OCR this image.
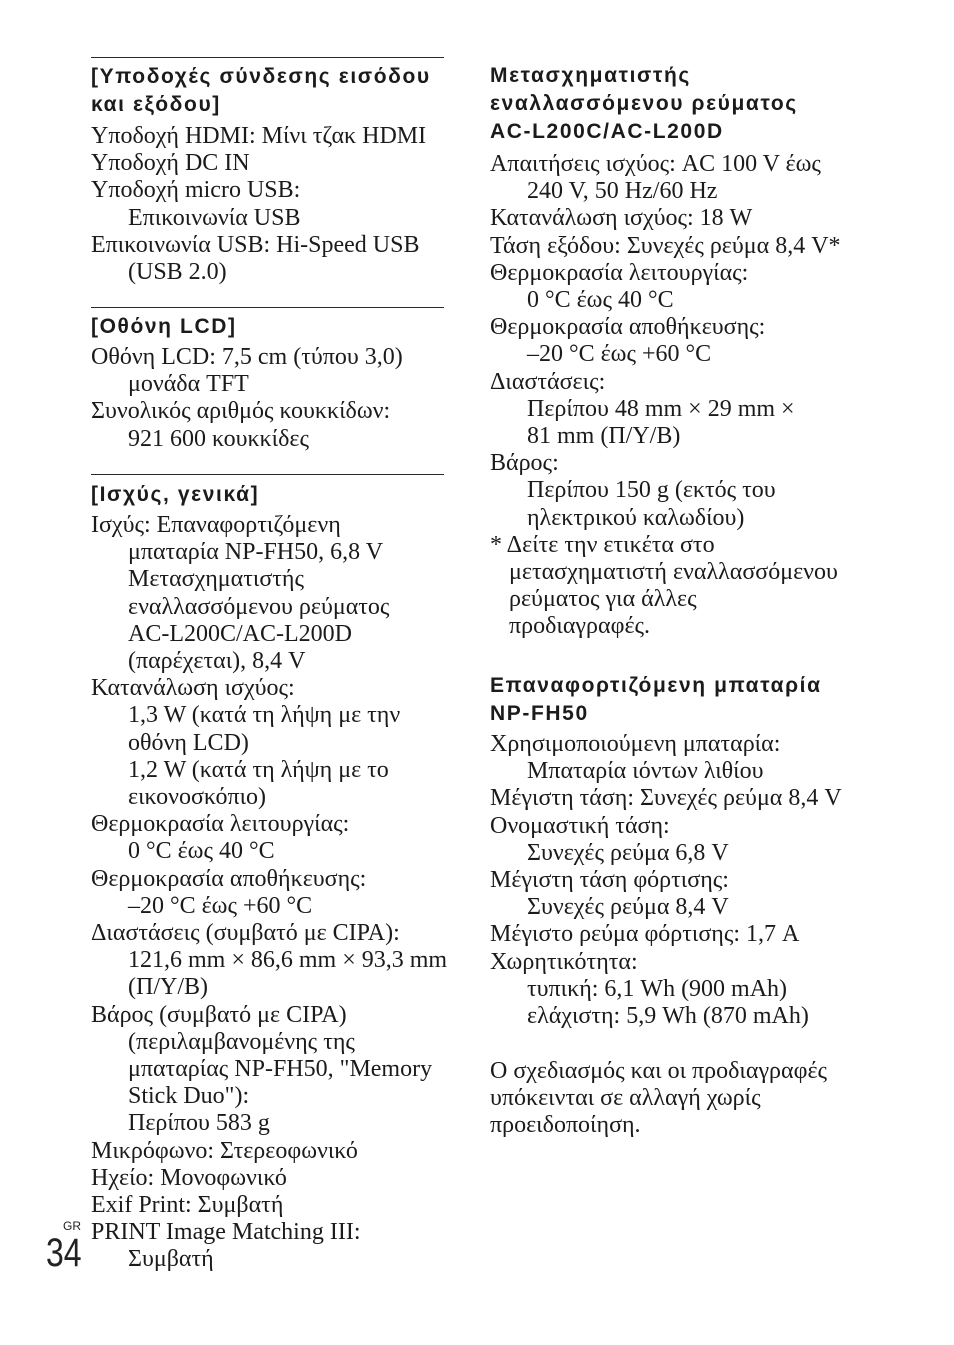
[Υποδοχές σύνδεσης εισόδου
και εξόδου]
Υποδοχή HDMI: Μίνι τζακ HDMI
Υποδοχή DC IN
Υποδοχή micro USB:
Επικοινωνία USB
Επικοινωνία USB: Hi-Speed USB
(USB 2.0)
[Οθόνη LCD]
Οθόνη LCD: 7,5 cm (τύπου 3,0)
μονάδα TFT
Συνολικός αριθμός κουκκίδων:
921 600 κουκκίδες
[Ισχύς, γενικά]
Ισχύς: Επαναφορτιζόμενη
μπαταρία NP-FH50, 6,8 V
Μετασχηματιστής
εναλλασσόμενου ρεύματος
AC-L200C/AC-L200D
(παρέχεται), 8,4 V
Κατανάλωση ισχύος:
1,3 W (κατά τη λήψη με την
οθόνη LCD)
1,2 W (κατά τη λήψη με το
εικονοσκόπιο)
Θερμοκρασία λειτουργίας:
0 °C έως 40 °C
Θερμοκρασία αποθήκευσης:
–20 °C έως +60 °C
Διαστάσεις (συμβατό με CIPA):
121,6 mm × 86,6 mm × 93,3 mm
(Π/Υ/Β)
Βάρος (συμβατό με CIPA)
(περιλαμβανομένης της
μπαταρίας NP-FH50, "Memory
Stick Duo"):
Περίπου 583 g
Μικρόφωνο: Στερεοφωνικό
Ηχείο: Μονοφωνικό
Exif Print: Συμβατή
PRINT Image Matching III:
Συμβατή
Μετασχηματιστής
εναλλασσόμενου ρεύματος
AC-L200C/AC-L200D
Απαιτήσεις ισχύος: AC 100 V έως
240 V, 50 Hz/60 Hz
Κατανάλωση ισχύος: 18 W
Τάση εξόδου: Συνεχές ρεύμα 8,4 V*
Θερμοκρασία λειτουργίας:
0 °C έως 40 °C
Θερμοκρασία αποθήκευσης:
–20 °C έως +60 °C
Διαστάσεις:
Περίπου 48 mm × 29 mm ×
81 mm (Π/Υ/Β)
Βάρος:
Περίπου 150 g (εκτός του
ηλεκτρικού καλωδίου)
* Δείτε την ετικέτα στο
μετασχηματιστή εναλλασσόμενου
ρεύματος για άλλες
προδιαγραφές.
Επαναφορτιζόμενη μπαταρία
NP-FH50
Χρησιμοποιούμενη μπαταρία:
Μπαταρία ιόντων λιθίου
Μέγιστη τάση: Συνεχές ρεύμα 8,4 V
Ονομαστική τάση:
Συνεχές ρεύμα 6,8 V
Μέγιστη τάση φόρτισης:
Συνεχές ρεύμα 8,4 V
Μέγιστο ρεύμα φόρτισης: 1,7 A
Χωρητικότητα:
τυπική: 6,1 Wh (900 mAh)
ελάχιστη: 5,9 Wh (870 mAh)
Ο σχεδιασμός και οι προδιαγραφές
υπόκεινται σε αλλαγή χωρίς
προειδοποίηση.
GR
34
